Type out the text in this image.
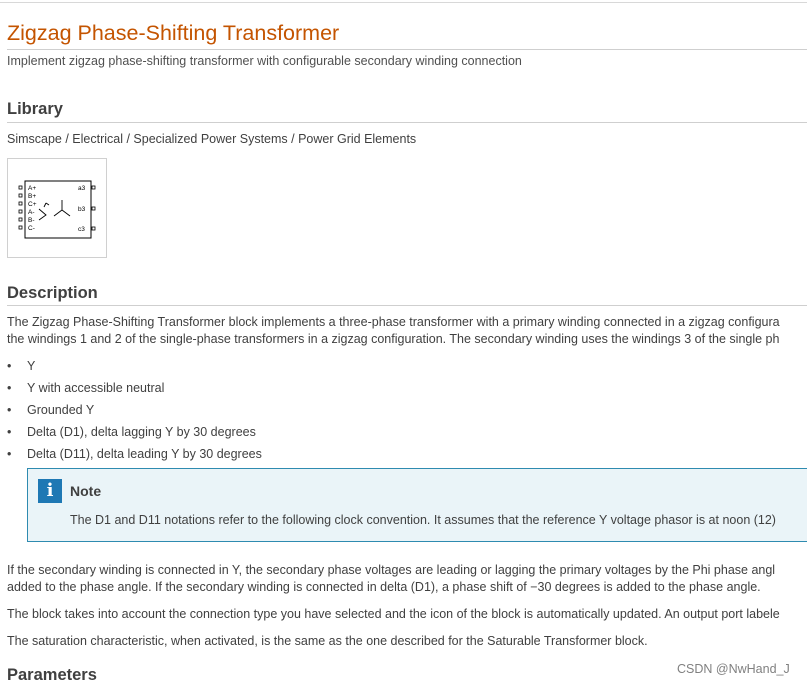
Zigzag Phase-Shifting Transformer
Implement zigzag phase-shifting transformer with configurable secondary winding connection
Library
Simscape / Electrical / Specialized Power Systems / Power Grid Elements
A+
B+
C+
A-
B-
C-
a3
b3
c3
Description
The Zigzag Phase-Shifting Transformer block implements a three-phase transformer with a primary winding connected in a zigzag configura
the windings 1 and 2 of the single-phase transformers in a zigzag configuration. The secondary winding uses the windings 3 of the single ph
• Y
• Y with accessible neutral
• Grounded Y
• Delta (D1), delta lagging Y by 30 degrees
• Delta (D11), delta leading Y by 30 degrees
i	Note
The D1 and D11 notations refer to the following clock convention. It assumes that the reference Y voltage phasor is at noon (12)
If the secondary winding is connected in Y, the secondary phase voltages are leading or lagging the primary voltages by the Phi phase angl
added to the phase angle. If the secondary winding is connected in delta (D1), a phase shift of −30 degrees is added to the phase angle.
The block takes into account the connection type you have selected and the icon of the block is automatically updated. An output port labele
The saturation characteristic, when activated, is the same as the one described for the Saturable Transformer block.
Parameters	CSDN @NwHand_J
